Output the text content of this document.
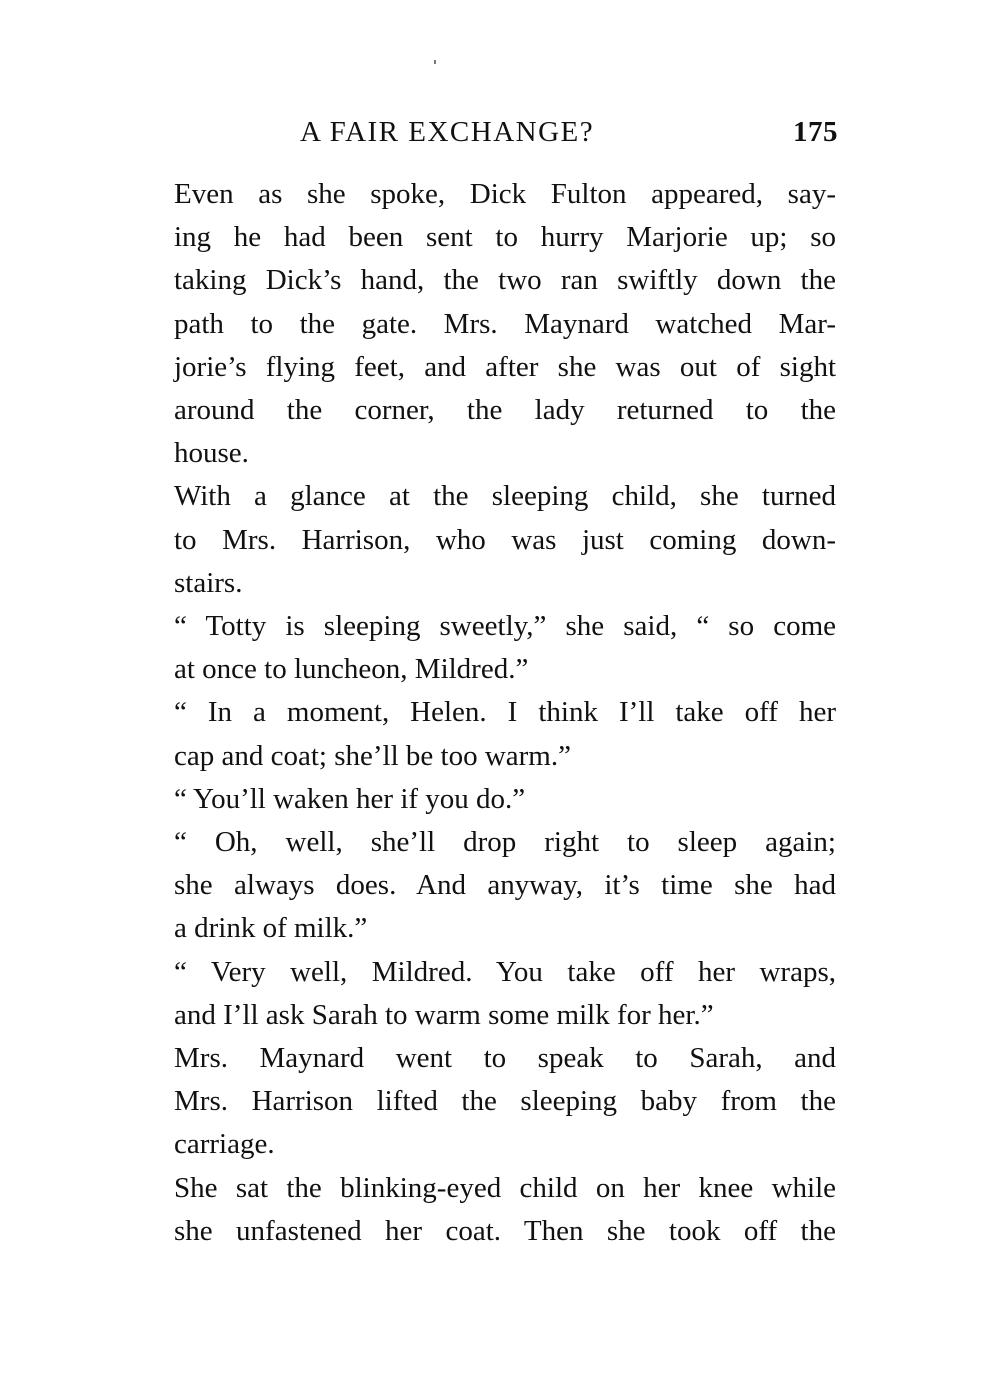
A FAIR EXCHANGE?	175

Even as she spoke, Dick Fulton appeared, say-
ing he had been sent to hurry Marjorie up; so
taking Dick’s hand, the two ran swiftly down the
path to the gate. Mrs. Maynard watched Mar-
jorie’s flying feet, and after she was out of sight
around the corner, the lady returned to the
house.

With a glance at the sleeping child, she turned
to Mrs. Harrison, who was just coming down-
stairs.

“ Totty is sleeping sweetly,” she said, “ so come
at once to luncheon, Mildred.”

“ In a moment, Helen. I think I’ll take off her
cap and coat; she’ll be too warm.”

“ You’ll waken her if you do.”

“ Oh, well, she’ll drop right to sleep again;
she always does. And anyway, it’s time she had
a drink of milk.”

“ Very well, Mildred. You take off her wraps,
and I’ll ask Sarah to warm some milk for her.”

Mrs. Maynard went to speak to Sarah, and
Mrs. Harrison lifted the sleeping baby from the
carriage.

She sat the blinking-eyed child on her knee while
she unfastened her coat. Then she took off the
